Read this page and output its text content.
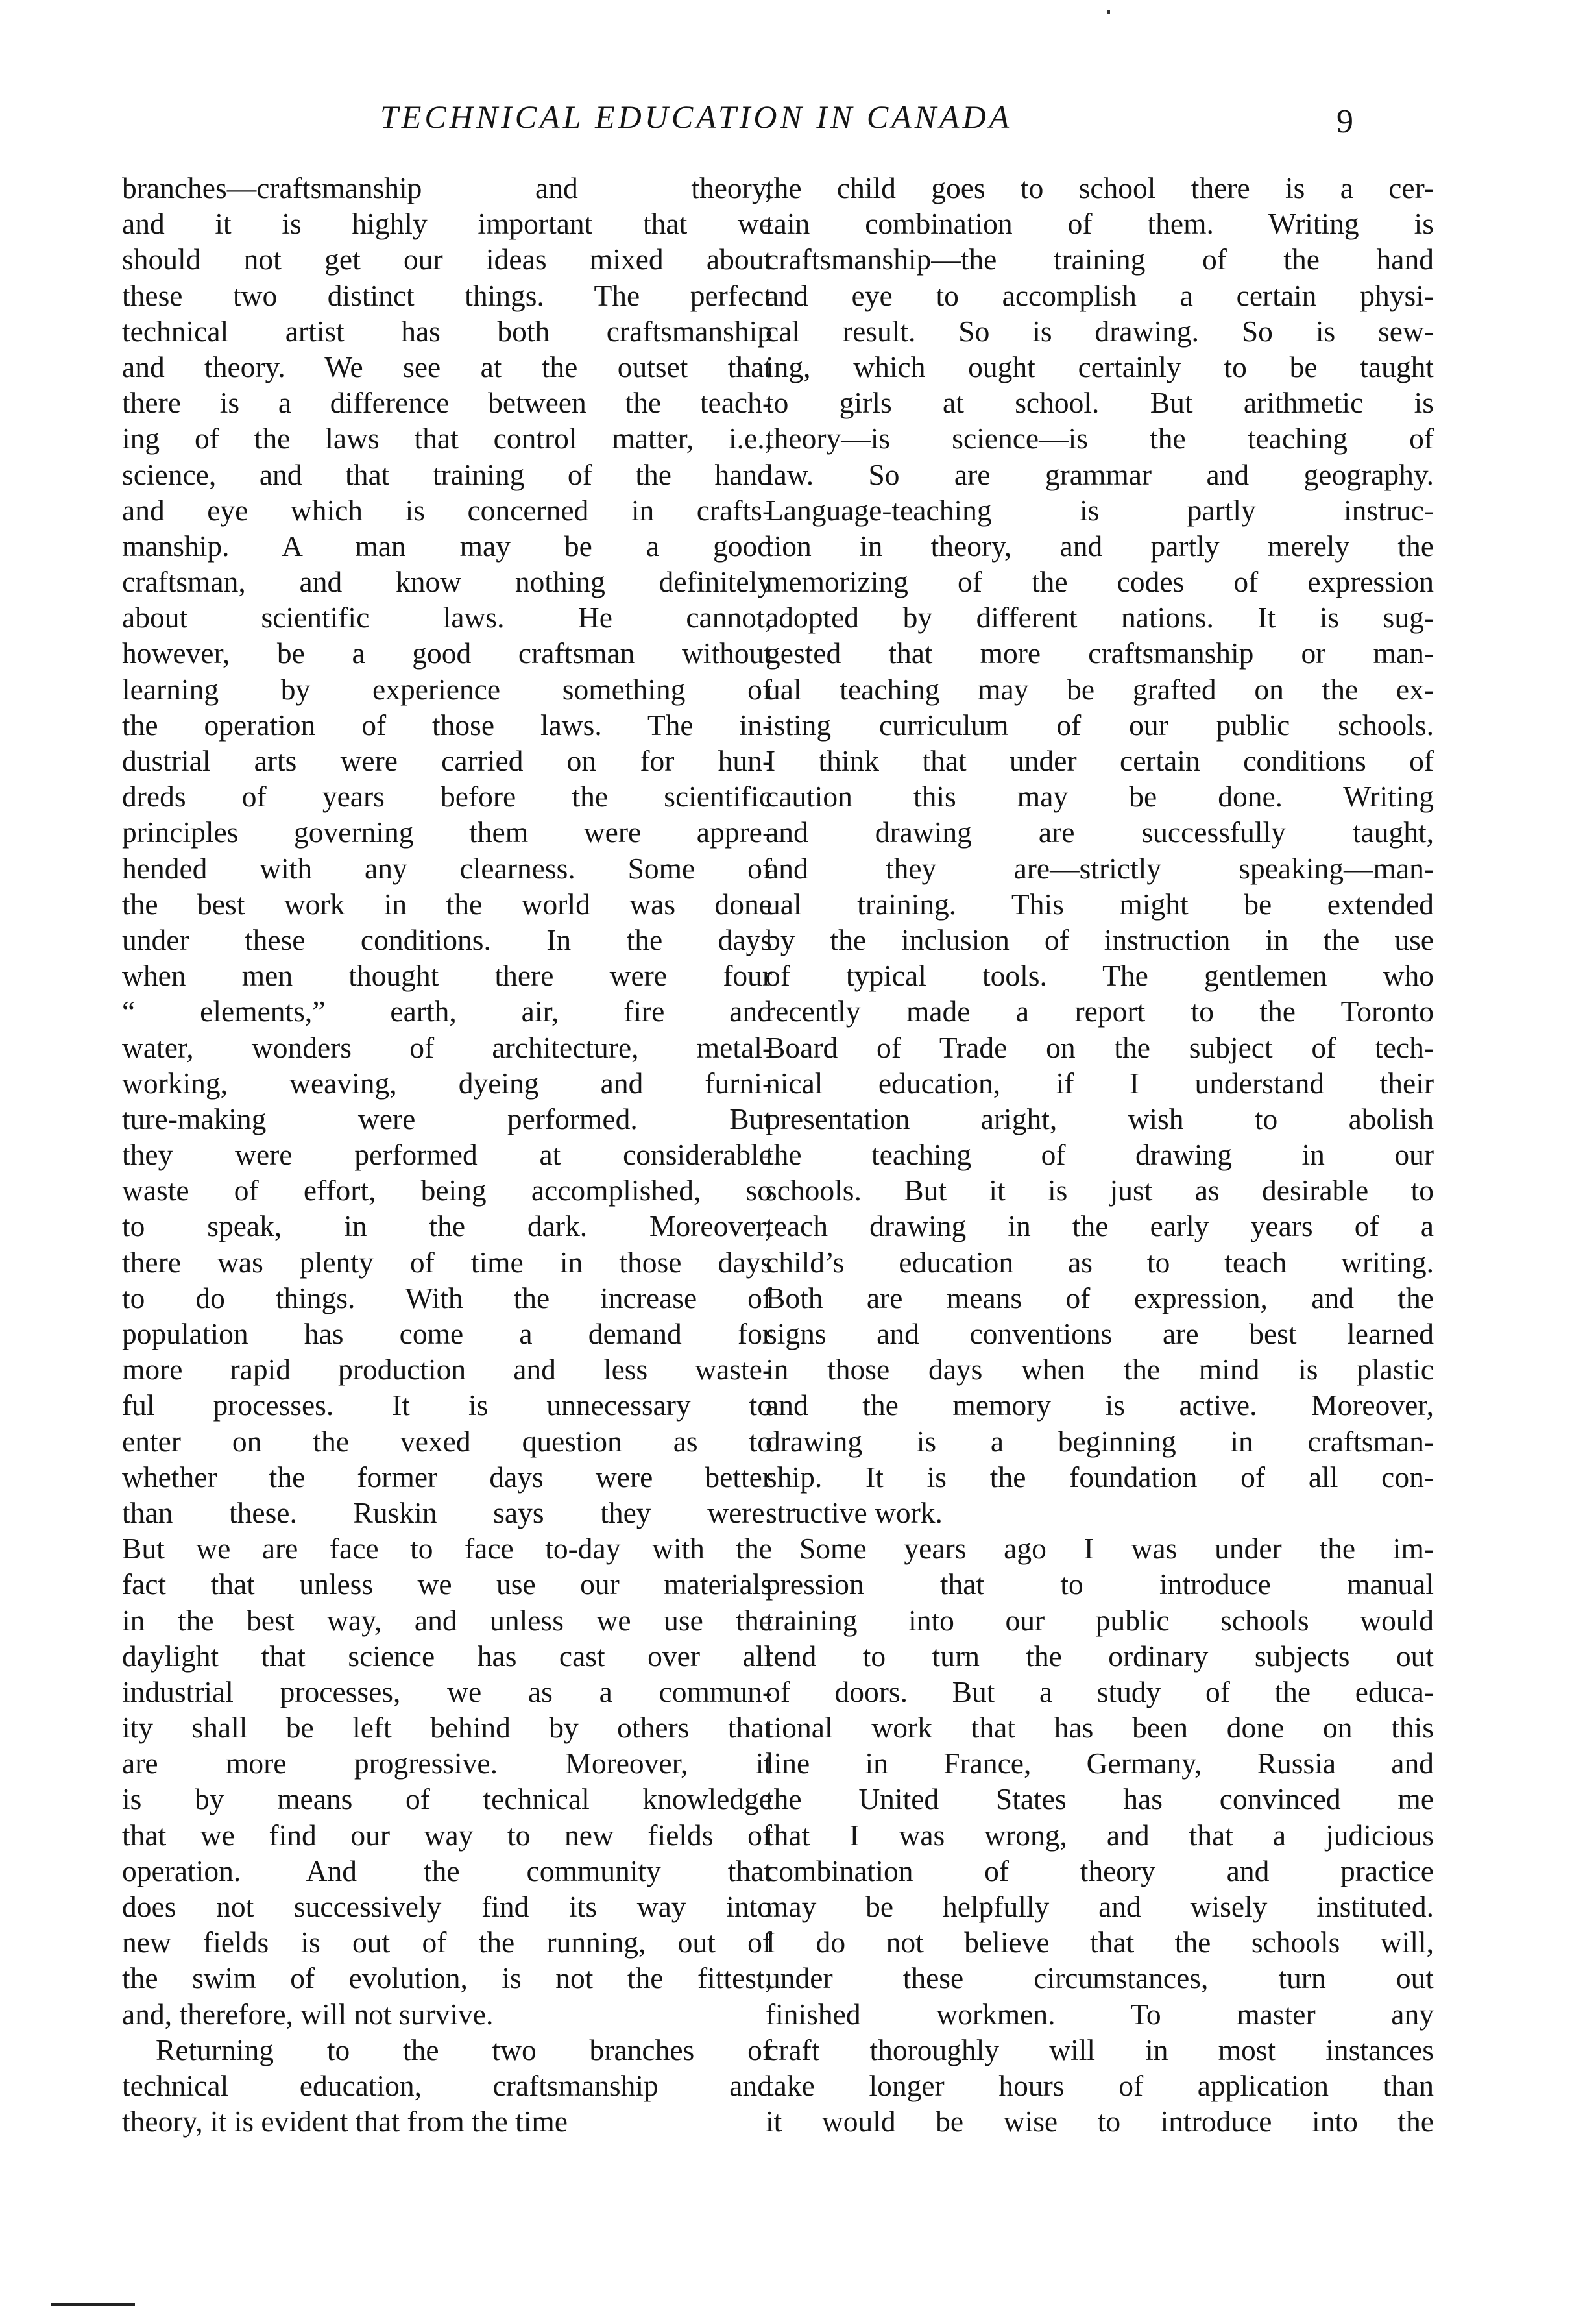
TECHNICAL EDUCATION IN CANADA	9
branches—craftsmanship and theory,
and it is highly important that we
should not get our ideas mixed about
these two distinct things. The perfect
technical artist has both craftsmanship
and theory. We see at the outset that
there is a difference between the teach-
ing of the laws that control matter, i.e.,
science, and that training of the hand
and eye which is concerned in crafts-
manship. A man may be a good
craftsman, and know nothing definitely
about scientific laws. He cannot,
however, be a good craftsman without
learning by experience something of
the operation of those laws. The in-
dustrial arts were carried on for hun-
dreds of years before the scientific
principles governing them were appre-
hended with any clearness. Some of
the best work in the world was done
under these conditions. In the days
when men thought there were four
“ elements,” earth, air, fire and
water, wonders of architecture, metal-
working, weaving, dyeing and furni-
ture-making were performed. But
they were performed at considerable
waste of effort, being accomplished, so
to speak, in the dark. Moreover,
there was plenty of time in those days
to do things. With the increase of
population has come a demand for
more rapid production and less waste-
ful processes. It is unnecessary to
enter on the vexed question as to
whether the former days were better
than these. Ruskin says they were.
But we are face to face to-day with the
fact that unless we use our materials
in the best way, and unless we use the
daylight that science has cast over all
industrial processes, we as a commun-
ity shall be left behind by others that
are more progressive. Moreover, it
is by means of technical knowledge
that we find our way to new fields of
operation. And the community that
does not successively find its way into
new fields is out of the running, out of
the swim of evolution, is not the fittest,
and, therefore, will not survive.
Returning to the two branches of
technical education, craftsmanship and
theory, it is evident that from the time
the child goes to school there is a cer-
tain combination of them. Writing is
craftsmanship—the training of the hand
and eye to accomplish a certain physi-
cal result. So is drawing. So is sew-
ing, which ought certainly to be taught
to girls at school. But arithmetic is
theory—is science—is the teaching of
law. So are grammar and geography.
Language-teaching is partly instruc-
tion in theory, and partly merely the
memorizing of the codes of expression
adopted by different nations. It is sug-
gested that more craftsmanship or man-
ual teaching may be grafted on the ex-
isting curriculum of our public schools.
I think that under certain conditions of
caution this may be done. Writing
and drawing are successfully taught,
and they are—strictly speaking—man-
ual training. This might be extended
by the inclusion of instruction in the use
of typical tools. The gentlemen who
recently made a report to the Toronto
Board of Trade on the subject of tech-
nical education, if I understand their
presentation aright, wish to abolish
the teaching of drawing in our
schools. But it is just as desirable to
teach drawing in the early years of a
child’s education as to teach writing.
Both are means of expression, and the
signs and conventions are best learned
in those days when the mind is plastic
and the memory is active. Moreover,
drawing is a beginning in craftsman-
ship. It is the foundation of all con-
structive work.
Some years ago I was under the im-
pression that to introduce manual
training into our public schools would
tend to turn the ordinary subjects out
of doors. But a study of the educa-
tional work that has been done on this
line in France, Germany, Russia and
the United States has convinced me
that I was wrong, and that a judicious
combination of theory and practice
may be helpfully and wisely instituted.
I do not believe that the schools will,
under these circumstances, turn out
finished workmen. To master any
craft thoroughly will in most instances
take longer hours of application than
it would be wise to introduce into the
